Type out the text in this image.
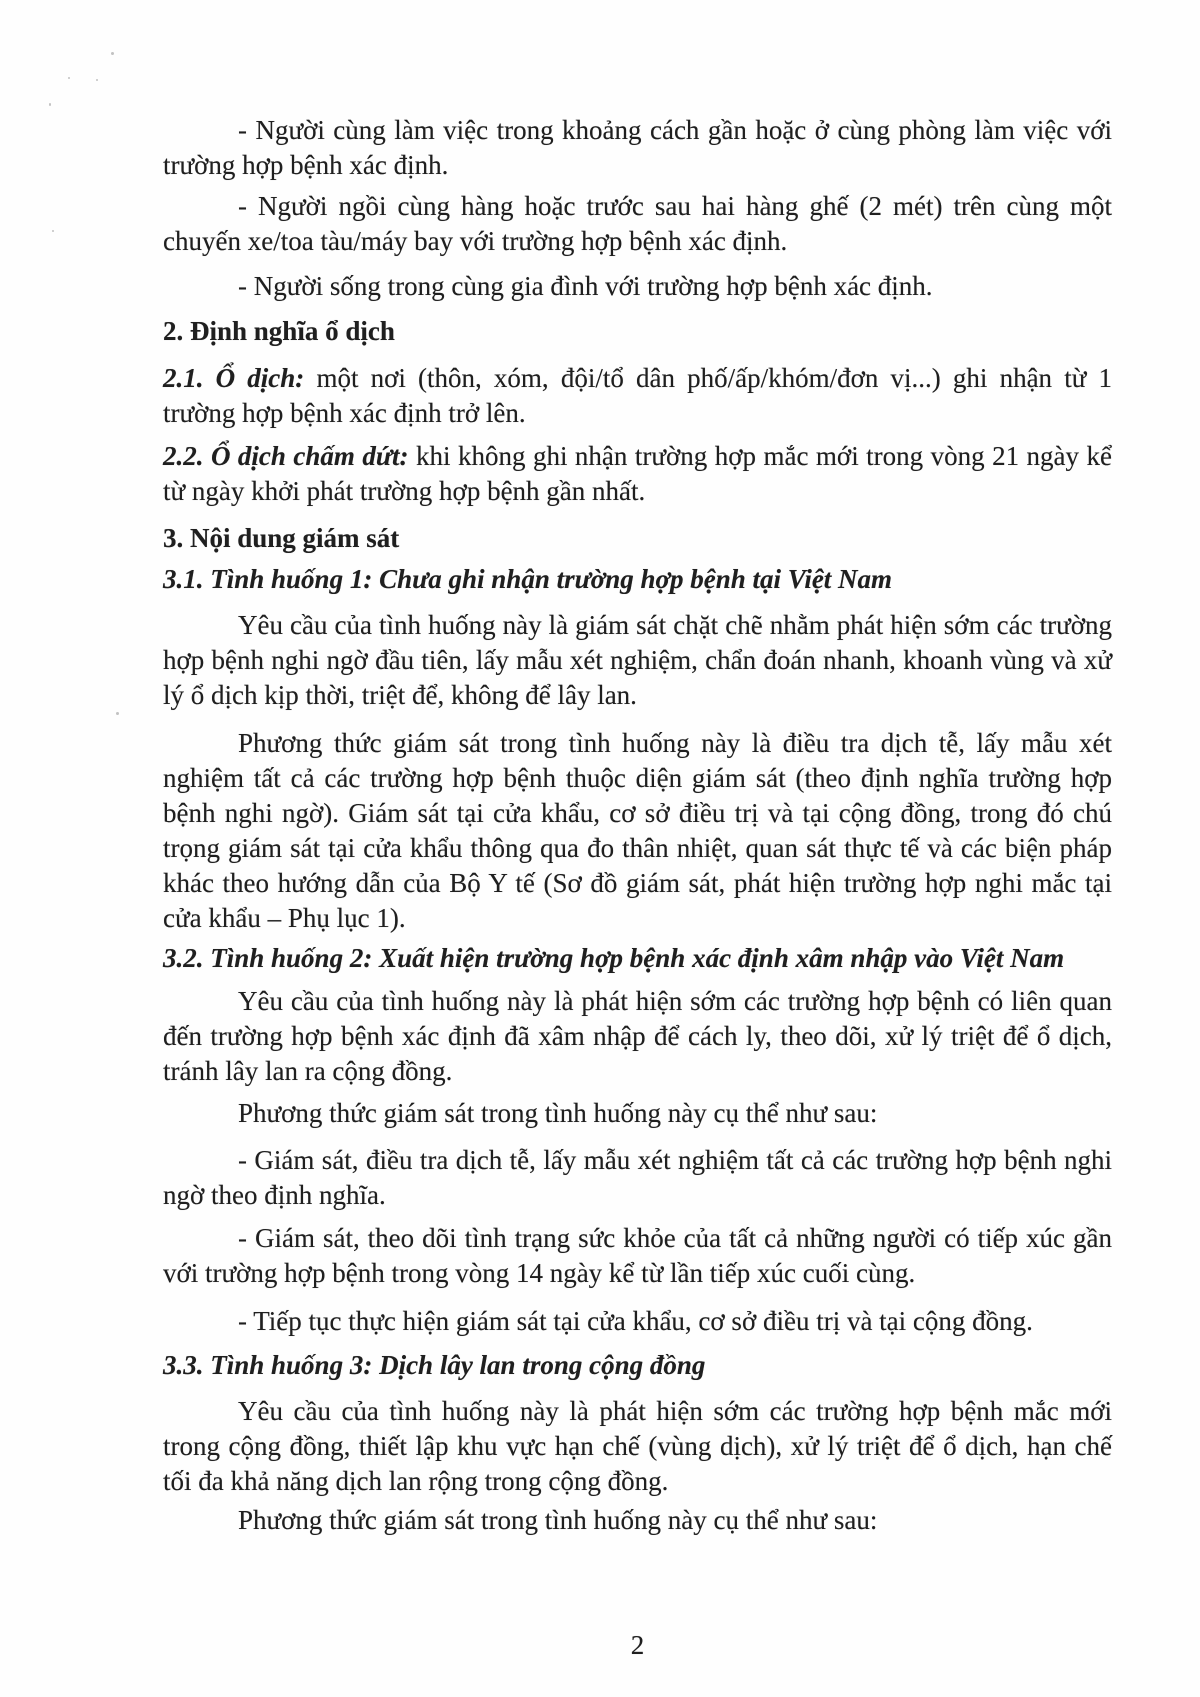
- Người cùng làm việc trong khoảng cách gần hoặc ở cùng phòng làm việc với trường hợp bệnh xác định.
- Người ngồi cùng hàng hoặc trước sau hai hàng ghế (2 mét) trên cùng một chuyến xe/toa tàu/máy bay với trường hợp bệnh xác định.
- Người sống trong cùng gia đình với trường hợp bệnh xác định.
2. Định nghĩa ổ dịch
2.1. Ổ dịch: một nơi (thôn, xóm, đội/tổ dân phố/ấp/khóm/đơn vị...) ghi nhận từ 1 trường hợp bệnh xác định trở lên.
2.2. Ổ dịch chấm dứt: khi không ghi nhận trường hợp mắc mới trong vòng 21 ngày kể từ ngày khởi phát trường hợp bệnh gần nhất.
3. Nội dung giám sát
3.1. Tình huống 1: Chưa ghi nhận trường hợp bệnh tại Việt Nam
Yêu cầu của tình huống này là giám sát chặt chẽ nhằm phát hiện sớm các trường hợp bệnh nghi ngờ đầu tiên, lấy mẫu xét nghiệm, chẩn đoán nhanh, khoanh vùng và xử lý ổ dịch kịp thời, triệt để, không để lây lan.
Phương thức giám sát trong tình huống này là điều tra dịch tễ, lấy mẫu xét nghiệm tất cả các trường hợp bệnh thuộc diện giám sát (theo định nghĩa trường hợp bệnh nghi ngờ). Giám sát tại cửa khẩu, cơ sở điều trị và tại cộng đồng, trong đó chú trọng giám sát tại cửa khẩu thông qua đo thân nhiệt, quan sát thực tế và các biện pháp khác theo hướng dẫn của Bộ Y tế (Sơ đồ giám sát, phát hiện trường hợp nghi mắc tại cửa khẩu – Phụ lục 1).
3.2. Tình huống 2: Xuất hiện trường hợp bệnh xác định xâm nhập vào Việt Nam
Yêu cầu của tình huống này là phát hiện sớm các trường hợp bệnh có liên quan đến trường hợp bệnh xác định đã xâm nhập để cách ly, theo dõi, xử lý triệt để ổ dịch, tránh lây lan ra cộng đồng.
Phương thức giám sát trong tình huống này cụ thể như sau:
- Giám sát, điều tra dịch tễ, lấy mẫu xét nghiệm tất cả các trường hợp bệnh nghi ngờ theo định nghĩa.
- Giám sát, theo dõi tình trạng sức khỏe của tất cả những người có tiếp xúc gần với trường hợp bệnh trong vòng 14 ngày kể từ lần tiếp xúc cuối cùng.
- Tiếp tục thực hiện giám sát tại cửa khẩu, cơ sở điều trị và tại cộng đồng.
3.3. Tình huống 3: Dịch lây lan trong cộng đồng
Yêu cầu của tình huống này là phát hiện sớm các trường hợp bệnh mắc mới trong cộng đồng, thiết lập khu vực hạn chế (vùng dịch), xử lý triệt để ổ dịch, hạn chế tối đa khả năng dịch lan rộng trong cộng đồng.
Phương thức giám sát trong tình huống này cụ thể như sau:
2
